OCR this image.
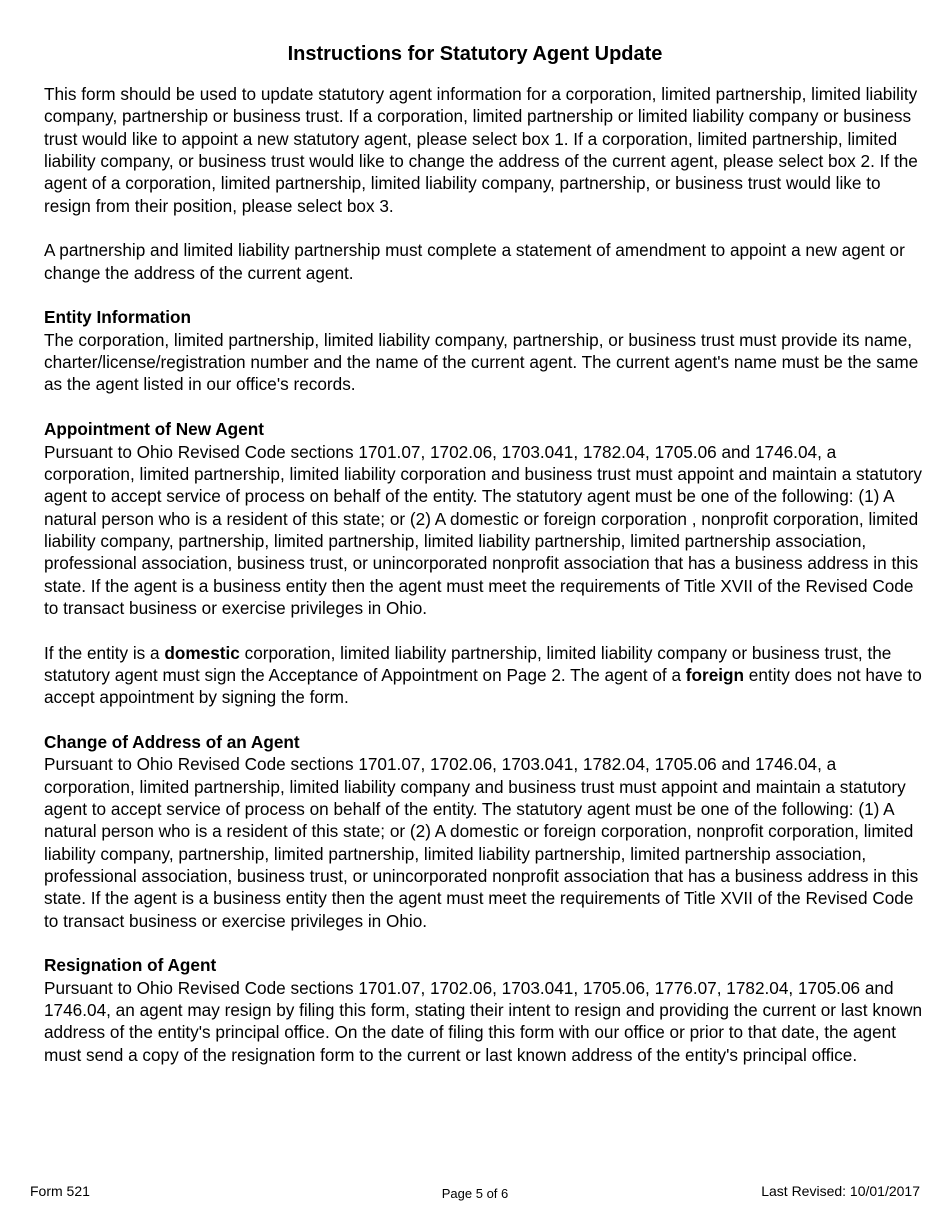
Instructions for Statutory Agent Update

This form should be used to update statutory agent information for a corporation, limited partnership, limited liability company, partnership or business trust. If a corporation, limited partnership or limited liability company or business trust would like to appoint a new statutory agent, please select box 1. If a corporation, limited partnership, limited liability company, or business trust would like to change the address of the current agent, please select box 2. If the agent of a corporation, limited partnership, limited liability company, partnership, or business trust would like to resign from their position, please select box 3.

A partnership and limited liability partnership must complete a statement of amendment to appoint a new agent or change the address of the current agent.

Entity Information

The corporation, limited partnership, limited liability company, partnership, or business trust must provide its name, charter/license/registration number and the name of the current agent. The current agent's name must be the same as the agent listed in our office's records.

Appointment of New Agent

Pursuant to Ohio Revised Code sections 1701.07, 1702.06, 1703.041, 1782.04, 1705.06 and 1746.04, a corporation, limited partnership, limited liability corporation and business trust must appoint and maintain a statutory agent to accept service of process on behalf of the entity. The statutory agent must be one of the following: (1) A natural person who is a resident of this state; or (2) A domestic or foreign corporation , nonprofit corporation, limited liability company, partnership, limited partnership, limited liability partnership, limited partnership association, professional association, business trust, or unincorporated nonprofit association that has a business address in this state. If the agent is a business entity then the agent must meet the requirements of Title XVII of the Revised Code to transact business or exercise privileges in Ohio.

If the entity is a domestic corporation, limited liability partnership, limited liability company or business trust, the statutory agent must sign the Acceptance of Appointment on Page 2. The agent of a foreign entity does not have to accept appointment by signing the form.

Change of Address of an Agent

Pursuant to Ohio Revised Code sections 1701.07, 1702.06, 1703.041, 1782.04, 1705.06 and 1746.04, a corporation, limited partnership, limited liability company and business trust must appoint and maintain a statutory agent to accept service of process on behalf of the entity. The statutory agent must be one of the following: (1) A natural person who is a resident of this state; or (2) A domestic or foreign corporation, nonprofit corporation, limited liability company, partnership, limited partnership, limited liability partnership, limited partnership association, professional association, business trust, or unincorporated nonprofit association that has a business address in this state. If the agent is a business entity then the agent must meet the requirements of Title XVII of the Revised Code to transact business or exercise privileges in Ohio.

Resignation of Agent

Pursuant to Ohio Revised Code sections 1701.07, 1702.06, 1703.041, 1705.06, 1776.07, 1782.04, 1705.06 and 1746.04, an agent may resign by filing this form, stating their intent to resign and providing the current or last known address of the entity's principal office. On the date of filing this form with our office or prior to that date, the agent must send a copy of the resignation form to the current or last known address of the entity's principal office.

Form 521	Page 5 of 6	Last Revised: 10/01/2017
